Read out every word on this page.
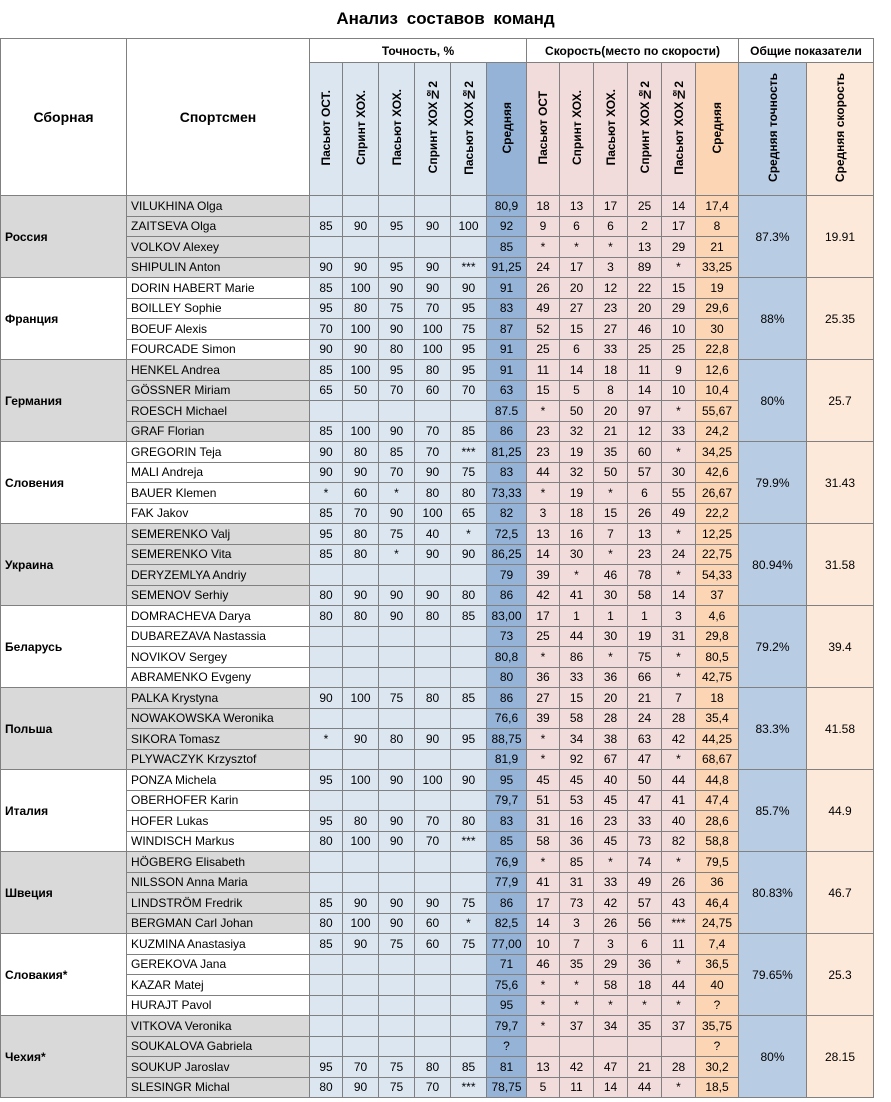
Анализ составов команд
Сборная	Спортсмен	Точность, %						Скорость(место по скорости)						Общие показатели	
		Пасьют ОСТ.	Спринт ХОХ.	Пасьют ХОХ.	Спринт ХОХ№2	Пасьют ХОХ№2	Средняя	Пасьют ОСТ	Спринт ХОХ.	Пасьют ХОХ.	Спринт ХОХ№2	Пасьют ХОХ№2	Средняя	Средняя точность	Средняя скорость
Россия	VILUKHINA Olga						80,9	18	13	17	25	14	17,4	87.3%	19.91
	ZAITSEVA Olga	85	90	95	90	100	92	9	6	6	2	17	8		
	VOLKOV Alexey						85	*	*	*	13	29	21		
	SHIPULIN Anton	90	90	95	90	***	91,25	24	17	3	89	*	33,25		
Франция	DORIN HABERT Marie	85	100	90	90	90	91	26	20	12	22	15	19	88%	25.35
	BOILLEY Sophie	95	80	75	70	95	83	49	27	23	20	29	29,6		
	BOEUF Alexis	70	100	90	100	75	87	52	15	27	46	10	30		
	FOURCADE Simon	90	90	80	100	95	91	25	6	33	25	25	22,8		
Германия	HENKEL Andrea	85	100	95	80	95	91	11	14	18	11	9	12,6	80%	25.7
	GÖSSNER Miriam	65	50	70	60	70	63	15	5	8	14	10	10,4		
	ROESCH Michael						87.5	*	50	20	97	*	55,67		
	GRAF Florian	85	100	90	70	85	86	23	32	21	12	33	24,2		
Словения	GREGORIN Teja	90	80	85	70	***	81,25	23	19	35	60	*	34,25	79.9%	31.43
	MALI Andreja	90	90	70	90	75	83	44	32	50	57	30	42,6		
	BAUER Klemen	*	60	*	80	80	73,33	*	19	*	6	55	26,67		
	FAK Jakov	85	70	90	100	65	82	3	18	15	26	49	22,2		
Украина	SEMERENKO Valj	95	80	75	40	*	72,5	13	16	7	13	*	12,25	80.94%	31.58
	SEMERENKO Vita	85	80	*	90	90	86,25	14	30	*	23	24	22,75		
	DERYZEMLYA Andriy						79	39	*	46	78	*	54,33		
	SEMENOV Serhiy	80	90	90	90	80	86	42	41	30	58	14	37		
Беларусь	DOMRACHEVA Darya	80	80	90	80	85	83,00	17	1	1	1	3	4,6	79.2%	39.4
	DUBAREZAVA Nastassia						73	25	44	30	19	31	29,8		
	NOVIKOV Sergey						80,8	*	86	*	75	*	80,5		
	ABRAMENKO Evgeny						80	36	33	36	66	*	42,75		
Польша	PALKA Krystyna	90	100	75	80	85	86	27	15	20	21	7	18	83.3%	41.58
	NOWAKOWSKA Weronika						76,6	39	58	28	24	28	35,4		
	SIKORA Tomasz	*	90	80	90	95	88,75	*	34	38	63	42	44,25		
	PLYWACZYK Krzysztof						81,9	*	92	67	47	*	68,67		
Италия	PONZA Michela	95	100	90	100	90	95	45	45	40	50	44	44,8	85.7%	44.9
	OBERHOFER Karin						79,7	51	53	45	47	41	47,4		
	HOFER Lukas	95	80	90	70	80	83	31	16	23	33	40	28,6		
	WINDISCH Markus	80	100	90	70	***	85	58	36	45	73	82	58,8		
Швеция	HÖGBERG Elisabeth						76,9	*	85	*	74	*	79,5	80.83%	46.7
	NILSSON Anna Maria						77,9	41	31	33	49	26	36		
	LINDSTRÖM Fredrik	85	90	90	90	75	86	17	73	42	57	43	46,4		
	BERGMAN Carl Johan	80	100	90	60	*	82,5	14	3	26	56	***	24,75		
Словакия*	KUZMINA Anastasiya	85	90	75	60	75	77,00	10	7	3	6	11	7,4	79.65%	25.3
	GEREKOVA Jana						71	46	35	29	36	*	36,5		
	KAZAR Matej						75,6	*	*	58	18	44	40		
	HURAJT Pavol						95	*	*	*	*	*	?		
Чехия*	VITKOVA Veronika						79,7	*	37	34	35	37	35,75	80%	28.15
	SOUKALOVA Gabriela						?						?		
	SOUKUP Jaroslav	95	70	75	80	85	81	13	42	47	21	28	30,2		
	SLESINGR Michal	80	90	75	70	***	78,75	5	11	14	44	*	18,5		
